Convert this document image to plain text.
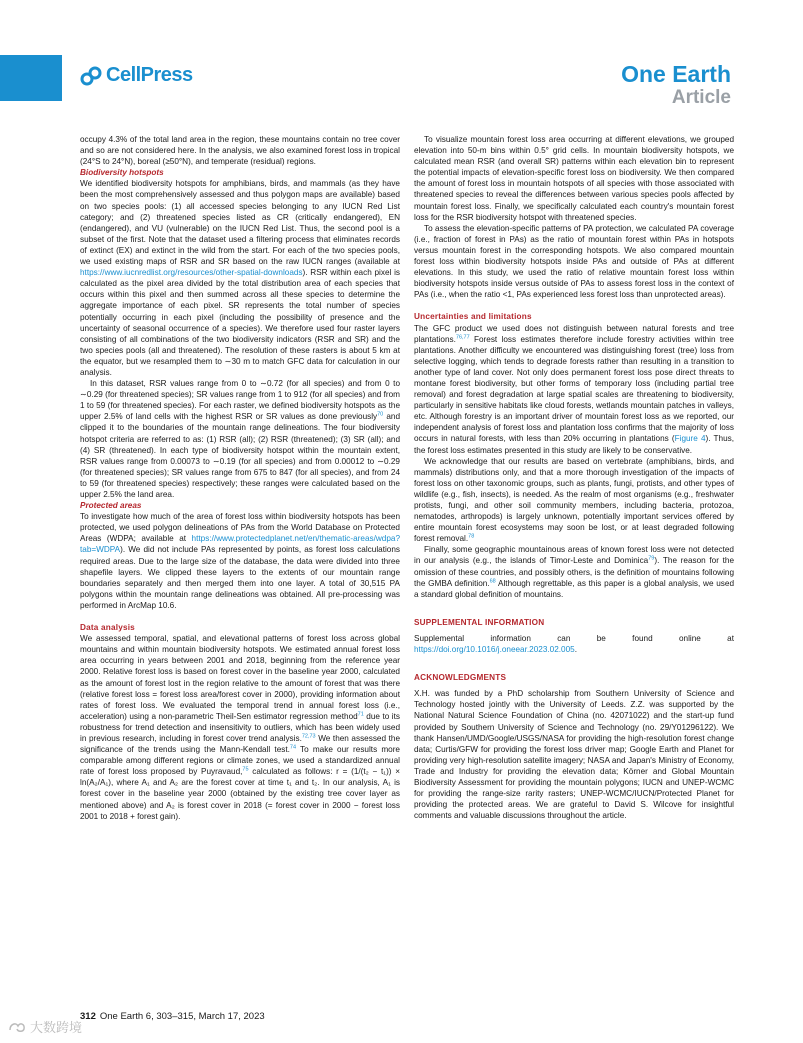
CellPress	One Earth
Article

occupy 4.3% of the total land area in the region, these mountains contain no tree cover and so are not considered here. In the analysis, we also examined forest loss in tropical (24°S to 24°N), boreal (≥50°N), and temperate (residual) regions.

Biodiversity hotspots

We identified biodiversity hotspots for amphibians, birds, and mammals (as they have been the most comprehensively assessed and thus polygon maps are available) based on two species pools: (1) all accessed species belonging to any IUCN Red List category; and (2) threatened species listed as CR (critically endangered), EN (endangered), and VU (vulnerable) on the IUCN Red List. Thus, the second pool is a subset of the first. Note that the dataset used a filtering process that eliminates records of extinct (EX) and extinct in the wild from the start. For each of the two species pools, we used existing maps of RSR and SR based on the raw IUCN ranges (available at https://www.iucnredlist.org/resources/other-spatial-downloads). RSR within each pixel is calculated as the pixel area divided by the total distribution area of each species that occurs within this pixel and then summed across all these species to determine the aggregate importance of each pixel. SR represents the total number of species potentially occurring in each pixel (including the possibility of presence and the uncertainty of seasonal occurrence of a species). We therefore used four raster layers consisting of all combinations of the two biodiversity indicators (RSR and SR) and the two species pools (all and threatened). The resolution of these rasters is about 5 km at the equator, but we resampled them to ∼30 m to match GFC data for calculation in our analysis.

In this dataset, RSR values range from 0 to ∼0.72 (for all species) and from 0 to ∼0.29 (for threatened species); SR values range from 1 to 912 (for all species) and from 1 to 59 (for threatened species). For each raster, we defined biodiversity hotspots as the upper 2.5% of land cells with the highest RSR or SR values as done previously$^{70}$ and clipped it to the boundaries of the mountain range delineations. The four biodiversity hotspot criteria are referred to as: (1) RSR (all); (2) RSR (threatened); (3) SR (all); and (4) SR (threatened). In each type of biodiversity hotspot within the mountain extent, RSR values range from 0.00073 to ∼0.19 (for all species) and from 0.00012 to ∼0.29 (for threatened species); SR values range from 675 to 847 (for all species), and from 24 to 59 (for threatened species) respectively; these ranges were calculated based on the upper 2.5% the land area.

Protected areas

To investigate how much of the area of forest loss within biodiversity hotspots has been protected, we used polygon delineations of PAs from the World Database on Protected Areas (WDPA; available at https://www.protectedplanet.net/en/thematic-areas/wdpa?tab=WDPA). We did not include PAs represented by points, as forest loss calculations required areas. Due to the large size of the database, the data were divided into three shapefile layers. We clipped these layers to the extents of our mountain range boundaries separately and then merged them into one layer. A total of 30,515 PA polygons within the mountain range delineations was obtained. All pre-processing was performed in ArcMap 10.6.

Data analysis

We assessed temporal, spatial, and elevational patterns of forest loss across global mountains and within mountain biodiversity hotspots. We estimated annual forest loss area occurring in years between 2001 and 2018, beginning from the reference year 2000. Relative forest loss is based on forest cover in the baseline year 2000, calculated as the amount of forest lost in the region relative to the amount of forest that was there (relative forest loss = forest loss area/forest cover in 2000), providing information about rates of forest loss. We evaluated the temporal trend in annual forest loss (i.e., acceleration) using a non-parametric Theil-Sen estimator regression method$^{71}$ due to its robustness for trend detection and insensitivity to outliers, which has been widely used in previous research, including in forest cover trend analysis.$^{72,73}$ We then assessed the significance of the trends using the Mann-Kendall test.$^{74}$ To make our results more comparable among different regions or climate zones, we used a standardized annual rate of forest loss proposed by Puyravaud,$^{75}$ calculated as follows: r = (1/(t₂ − t₁)) × ln(A₂/A₁), where A₁ and A₂ are the forest cover at time t₁ and t₂. In our analysis, A₁ is forest cover in the baseline year 2000 (obtained by the existing tree cover layer as mentioned above) and A₂ is forest cover in 2018 (= forest cover in 2000 − forest loss 2001 to 2018 + forest gain).

To visualize mountain forest loss area occurring at different elevations, we grouped elevation into 50-m bins within 0.5° grid cells. In mountain biodiversity hotspots, we calculated mean RSR (and overall SR) patterns within each elevation bin to represent the potential impacts of elevation-specific forest loss on biodiversity. We then compared the amount of forest loss in mountain hotspots of all species with those associated with threatened species to reveal the differences between various species pools affected by mountain forest loss. Finally, we specifically calculated each country's mountain forest loss for the RSR biodiversity hotspot with threatened species.

To assess the elevation-specific patterns of PA protection, we calculated PA coverage (i.e., fraction of forest in PAs) as the ratio of mountain forest within PAs in hotspots versus mountain forest in the corresponding hotspots. We also compared mountain forest loss within biodiversity hotspots inside PAs and outside of PAs at different elevations. In this study, we used the ratio of relative mountain forest loss within biodiversity hotspots inside versus outside of PAs to assess forest loss in the context of PAs (i.e., when the ratio <1, PAs experienced less forest loss than unprotected areas).

Uncertainties and limitations

The GFC product we used does not distinguish between natural forests and tree plantations.$^{76,77}$ Forest loss estimates therefore include forestry activities within tree plantations. Another difficulty we encountered was distinguishing forest (tree) loss from selective logging, which tends to degrade forests rather than resulting in a transition to another type of land cover. Not only does permanent forest loss pose direct threats to montane forest biodiversity, but other forms of temporary loss (including partial tree removal) and forest degradation at large spatial scales are threatening to biodiversity, particularly in sensitive habitats like cloud forests, wetlands mountain patches in valleys, etc. Although forestry is an important driver of mountain forest loss as we reported, our independent analysis of forest loss and plantation loss confirms that the majority of loss occurs in natural forests, with less than 20% occurring in plantations (Figure 4). Thus, the forest loss estimates presented in this study are likely to be conservative.

We acknowledge that our results are based on vertebrate (amphibians, birds, and mammals) distributions only, and that a more thorough investigation of the impacts of forest loss on other taxonomic groups, such as plants, fungi, protists, and other types of wildlife (e.g., fish, insects), is needed. As the realm of most organisms (e.g., freshwater protists, fungi, and other soil community members, including bacteria, protozoa, nematodes, arthropods) is largely unknown, potentially important services offered by entire mountain forest ecosystems may soon be lost, or at least degraded following forest removal.$^{78}$

Finally, some geographic mountainous areas of known forest loss were not detected in our analysis (e.g., the islands of Timor-Leste and Dominica$^{79}$). The reason for the omission of these countries, and possibly others, is the definition of mountains following the GMBA definition.$^{68}$ Although regrettable, as this paper is a global analysis, we used a standard global definition of mountains.

SUPPLEMENTAL INFORMATION

Supplemental information can be found online at https://doi.org/10.1016/j.oneear.2023.02.005.

ACKNOWLEDGMENTS

X.H. was funded by a PhD scholarship from Southern University of Science and Technology hosted jointly with the University of Leeds. Z.Z. was supported by the National Natural Science Foundation of China (no. 42071022) and the start-up fund provided by Southern University of Science and Technology (no. 29/Y01296122). We thank Hansen/UMD/Google/USGS/NASA for providing the high-resolution forest change data; Curtis/GFW for providing the forest loss driver map; Google Earth and Planet for providing very high-resolution satellite imagery; NASA and Japan's Ministry of Economy, Trade and Industry for providing the elevation data; Körner and Global Mountain Biodiversity Assessment for providing the mountain polygons; IUCN and UNEP-WCMC for providing the range-size rarity rasters; UNEP-WCMC/IUCN/Protected Planet for providing the protected areas. We are grateful to David S. Wilcove for insightful comments and valuable discussions throughout the article.

312 One Earth 6, 303–315, March 17, 2023
大数跨境
